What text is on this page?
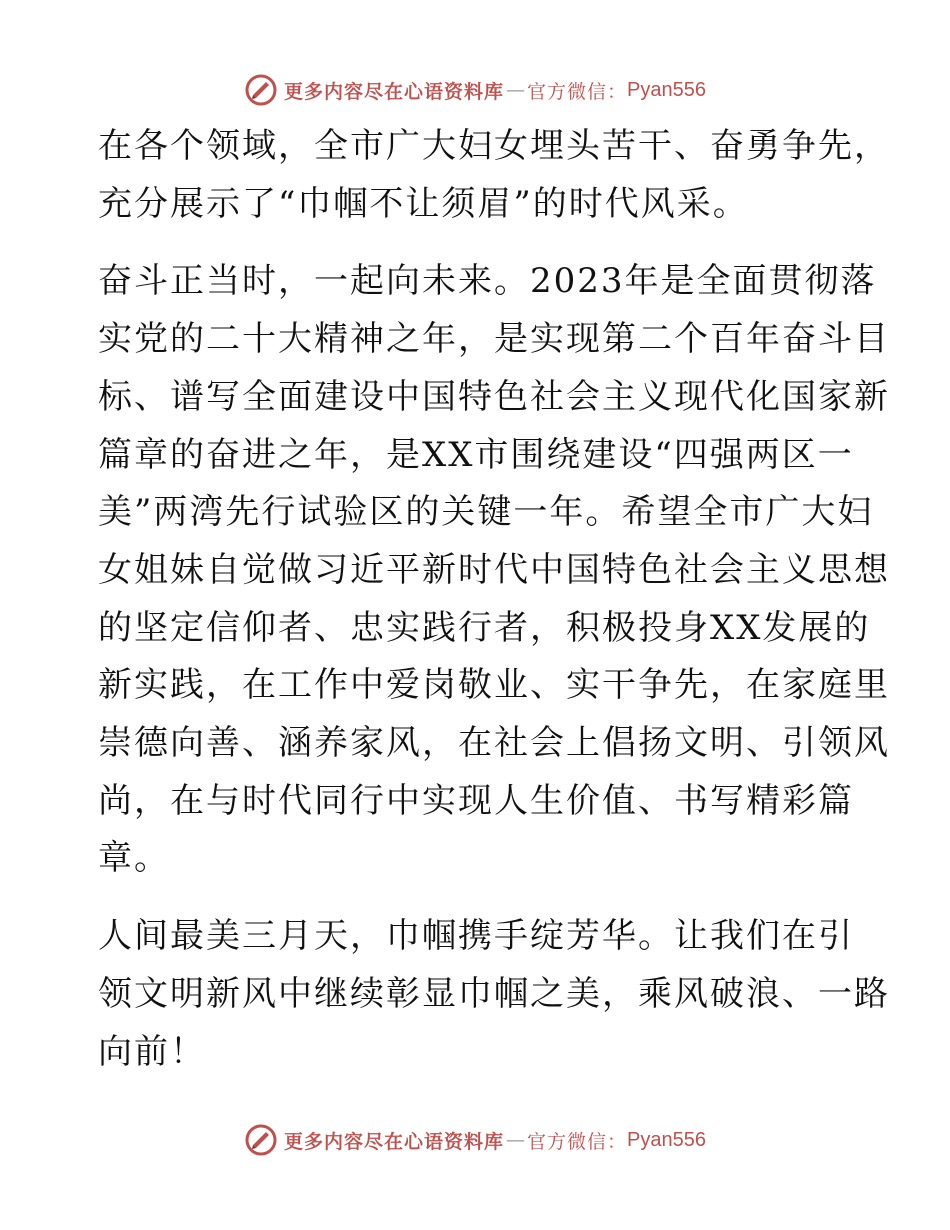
更多内容尽在心语资料库 — 官方微信： Pyan556

在各个领域，全市广大妇女埋头苦干、奋勇争先，
充分展示了“巾帼不让须眉”的时代风采。

奋斗正当时，一起向未来。2023年是全面贯彻落
实党的二十大精神之年，是实现第二个百年奋斗目
标、谱写全面建设中国特色社会主义现代化国家新
篇章的奋进之年，是XX市围绕建设“四强两区一
美”两湾先行试验区的关键一年。希望全市广大妇
女姐妹自觉做习近平新时代中国特色社会主义思想
的坚定信仰者、忠实践行者，积极投身XX发展的
新实践，在工作中爱岗敬业、实干争先，在家庭里
崇德向善、涵养家风，在社会上倡扬文明、引领风
尚，在与时代同行中实现人生价值、书写精彩篇
章。

人间最美三月天，巾帼携手绽芳华。让我们在引
领文明新风中继续彰显巾帼之美，乘风破浪、一路
向前！

更多内容尽在心语资料库 — 官方微信： Pyan556
